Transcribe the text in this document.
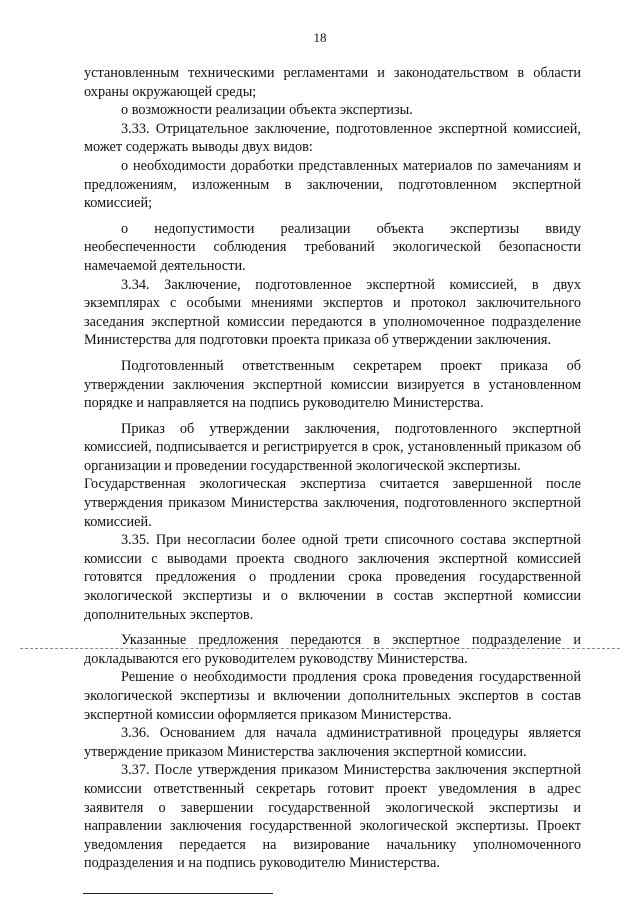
18

установленным техническими регламентами и законодательством в области охраны окружающей среды;

о возможности реализации объекта экспертизы.

3.33. Отрицательное заключение, подготовленное экспертной комиссией, может содержать выводы двух видов:

о необходимости доработки представленных материалов по замечаниям и предложениям, изложенным в заключении, подготовленном экспертной комиссией;

о недопустимости реализации объекта экспертизы ввиду необеспеченности соблюдения требований экологической безопасности намечаемой деятельности.

3.34. Заключение, подготовленное экспертной комиссией, в двух экземплярах с особыми мнениями экспертов и протокол заключительного заседания экспертной комиссии передаются в уполномоченное подразделение Министерства для подготовки проекта приказа об утверждении заключения.

Подготовленный ответственным секретарем проект приказа об утверждении заключения экспертной комиссии визируется в установленном порядке и направляется на подпись руководителю Министерства.

Приказ об утверждении заключения, подготовленного экспертной комиссией, подписывается и регистрируется в срок, установленный приказом об организации и проведении государственной экологической экспертизы.

Государственная экологическая экспертиза считается завершенной после утверждения приказом Министерства заключения, подготовленного экспертной комиссией.

3.35. При несогласии более одной трети списочного состава экспертной комиссии с выводами проекта сводного заключения экспертной комиссией готовятся предложения о продлении срока проведения государственной экологической экспертизы и о включении в состав экспертной комиссии дополнительных экспертов.

Указанные предложения передаются в экспертное подразделение и докладываются его руководителем руководству Министерства.

Решение о необходимости продления срока проведения государственной экологической экспертизы и включении дополнительных экспертов в состав экспертной комиссии оформляется приказом Министерства.

3.36. Основанием для начала административной процедуры является утверждение приказом Министерства заключения экспертной комиссии.

3.37. После утверждения приказом Министерства заключения экспертной комиссии ответственный секретарь готовит проект уведомления в адрес заявителя о завершении государственной экологической экспертизы и направлении заключения государственной экологической экспертизы. Проект уведомления передается на визирование начальнику уполномоченного подразделения и на подпись руководителю Министерства.
